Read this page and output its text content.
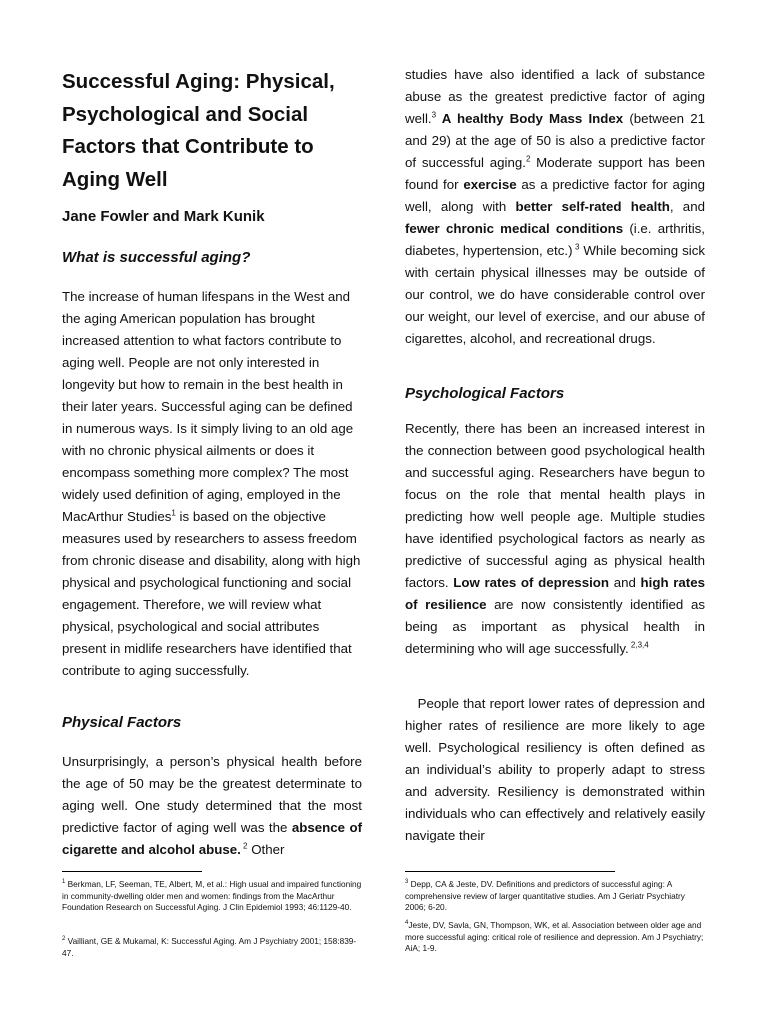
Successful Aging: Physical, Psychological and Social Factors that Contribute to Aging Well
Jane Fowler and Mark Kunik
What is successful aging?
The increase of human lifespans in the West and the aging American population has brought increased attention to what factors contribute to aging well. People are not only interested in longevity but how to remain in the best health in their later years. Successful aging can be defined in numerous ways. Is it simply living to an old age with no chronic physical ailments or does it encompass something more complex? The most widely used definition of aging, employed in the MacArthur Studies$^1$ is based on the objective measures used by researchers to assess freedom from chronic disease and disability, along with high physical and psychological functioning and social engagement. Therefore, we will review what physical, psychological and social attributes present in midlife researchers have identified that contribute to aging successfully.
Physical Factors
Unsurprisingly, a person’s physical health before the age of 50 may be the greatest determinate to aging well. One study determined that the most predictive factor of aging well was the absence of cigarette and alcohol abuse. $^2$ Other
$^1$ Berkman, LF, Seeman, TE, Albert, M, et al.: High usual and impaired functioning in community-dwelling older men and women: findings from the MacArthur Foundation Research on Successful Aging. J Clin Epidemiol 1993; 46:1129-40.
$^2$ Vailliant, GE & Mukamal, K: Successful Aging. Am J Psychiatry 2001; 158:839-47.
studies have also identified a lack of substance abuse as the greatest predictive factor of aging well.$^3$ A healthy Body Mass Index (between 21 and 29) at the age of 50 is also a predictive factor of successful aging.$^2$ Moderate support has been found for exercise as a predictive factor for aging well, along with better self-rated health, and fewer chronic medical conditions (i.e. arthritis, diabetes, hypertension, etc.) $^3$ While becoming sick with certain physical illnesses may be outside of our control, we do have considerable control over our weight, our level of exercise, and our abuse of cigarettes, alcohol, and recreational drugs.
Psychological Factors
Recently, there has been an increased interest in the connection between good psychological health and successful aging. Researchers have begun to focus on the role that mental health plays in predicting how well people age. Multiple studies have identified psychological factors as nearly as predictive of successful aging as physical health factors. Low rates of depression and high rates of resilience are now consistently identified as being as important as physical health in determining who will age successfully. $^{2,3,4}$
People that report lower rates of depression and higher rates of resilience are more likely to age well. Psychological resiliency is often defined as an individual’s ability to properly adapt to stress and adversity. Resiliency is demonstrated within individuals who can effectively and relatively easily navigate their
$^3$ Depp, CA & Jeste, DV. Definitions and predictors of successful aging: A comprehensive review of larger quantitative studies. Am J Geriatr Psychiatry 2006; 6-20.
$^4$Jeste, DV, Savla, GN, Thompson, WK, et al. Association between older age and more successful aging: critical role of resilience and depression. Am J Psychiatry; AiA; 1-9.
